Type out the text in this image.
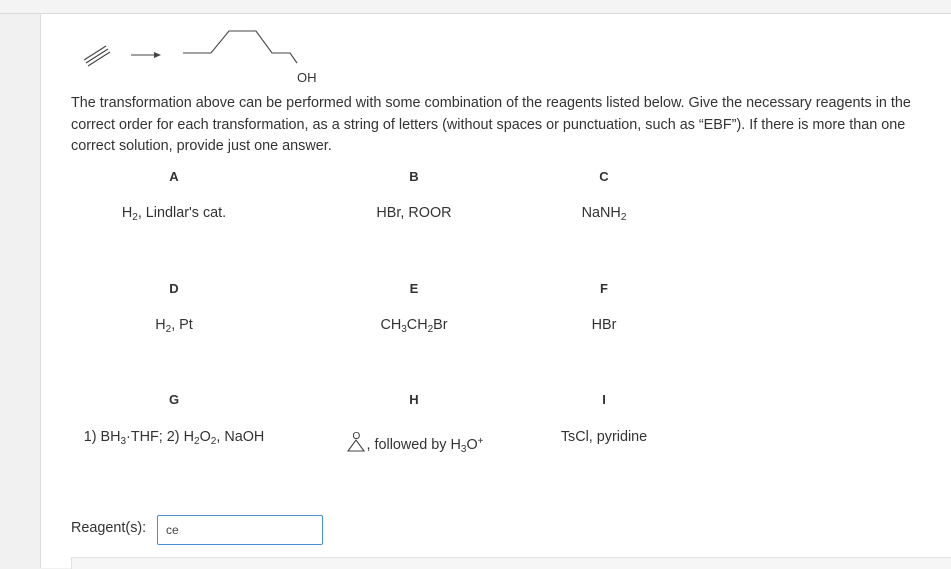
OH
The transformation above can be performed with some combination of the reagents listed below. Give the necessary reagents in the correct order for each transformation, as a string of letters (without spaces or punctuation, such as “EBF”). If there is more than one correct solution, provide just one answer.
A
$H_2$, Lindlar's cat.
B
HBr, ROOR
C
NaNH$_2$
D
$H_2$, Pt
E
$CH_3CH_2Br$
F
HBr
G
1) $BH_3\cdot THF$; 2) $H_2O_2$, NaOH
H
O
, followed by $H_3O^+$
I
TsCl, pyridine
Reagent(s):
ce
